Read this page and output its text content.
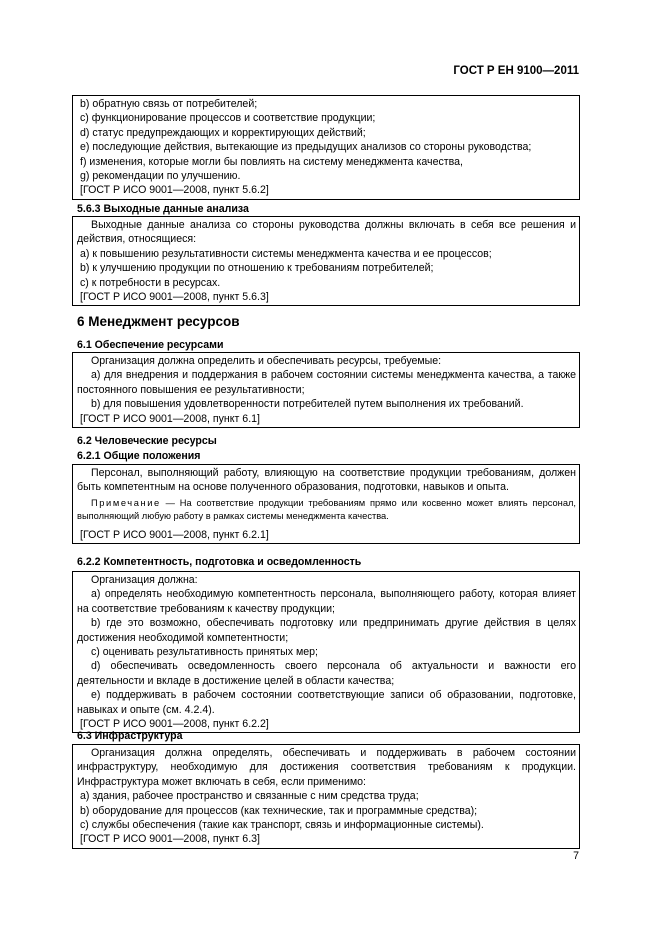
ГОСТ Р ЕН 9100—2011

b) обратную связь от потребителей;

c) функционирование процессов и соответствие продукции;

d) статус предупреждающих и корректирующих действий;

e) последующие действия, вытекающие из предыдущих анализов со стороны руководства;

f) изменения, которые могли бы повлиять на систему менеджмента качества,

g) рекомендации по улучшению.

[ГОСТ Р ИСО 9001—2008, пункт 5.6.2]

5.6.3 Выходные данные анализа

Выходные данные анализа со стороны руководства должны включать в себя все решения и действия, относящиеся:

a) к повышению результативности системы менеджмента качества и ее процессов;

b) к улучшению продукции по отношению к требованиям потребителей;

c) к потребности в ресурсах.

[ГОСТ Р ИСО 9001—2008, пункт 5.6.3]

6 Менеджмент ресурсов
6.1 Обеспечение ресурсами

Организация должна определить и обеспечивать ресурсы, требуемые:

a) для внедрения и поддержания в рабочем состоянии системы менеджмента качества, а также постоянного повышения ее результативности;

b) для повышения удовлетворенности потребителей путем выполнения их требований.

[ГОСТ Р ИСО 9001—2008, пункт 6.1]

6.2 Человеческие ресурсы
6.2.1 Общие положения

Персонал, выполняющий работу, влияющую на соответствие продукции требованиям, должен быть компетентным на основе полученного образования, подготовки, навыков и опыта.

Примечание — На соответствие продукции требованиям прямо или косвенно может влиять персонал, выполняющий любую работу в рамках системы менеджмента качества.

[ГОСТ Р ИСО 9001—2008, пункт 6.2.1]

6.2.2 Компетентность, подготовка и осведомленность

Организация должна:

a) определять необходимую компетентность персонала, выполняющего работу, которая влияет на соответствие требованиям к качеству продукции;

b) где это возможно, обеспечивать подготовку или предпринимать другие действия в целях достижения необходимой компетентности;

c) оценивать результативность принятых мер;

d) обеспечивать осведомленность своего персонала об актуальности и важности его деятельности и вкладе в достижение целей в области качества;

e) поддерживать в рабочем состоянии соответствующие записи об образовании, подготовке, навыках и опыте (см. 4.2.4).

[ГОСТ Р ИСО 9001—2008, пункт 6.2.2]

6.3 Инфраструктура

Организация должна определять, обеспечивать и поддерживать в рабочем состоянии инфраструктуру, необходимую для достижения соответствия требованиям к продукции. Инфраструктура может включать в себя, если применимо:

a) здания, рабочее пространство и связанные с ним средства труда;

b) оборудование для процессов (как технические, так и программные средства);

c) службы обеспечения (такие как транспорт, связь и информационные системы).

[ГОСТ Р ИСО 9001—2008, пункт 6.3]

7
